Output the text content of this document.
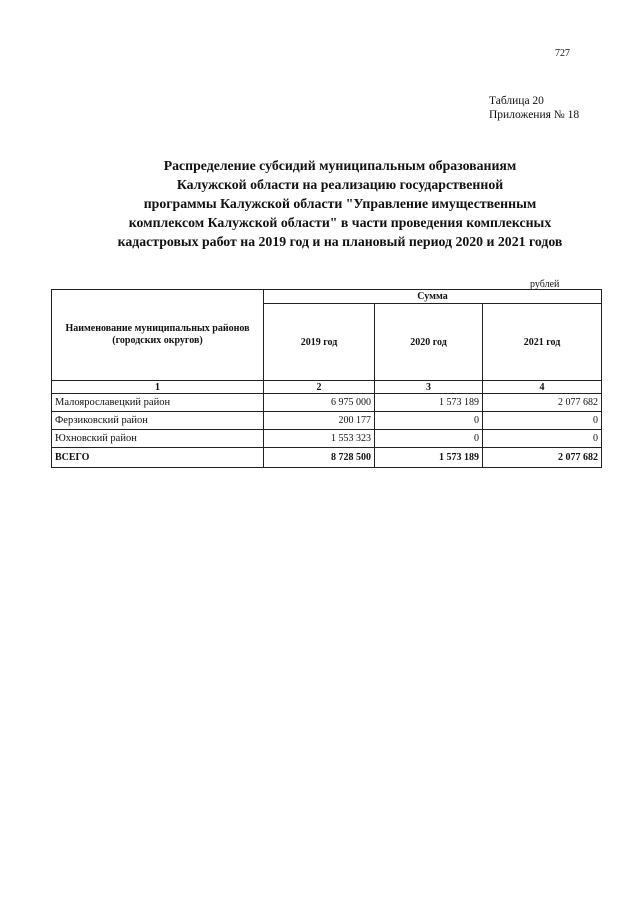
727
Таблица 20
Приложения № 18
Распределение субсидий муниципальным образованиям
Калужской области на реализацию государственной
программы Калужской области "Управление имущественным
комплексом Калужской области" в части проведения комплексных
кадастровых работ на 2019 год и на плановый период 2020 и 2021 годов
рублей
Наименование муниципальных районов (городских округов)	Сумма		
	2019 год	2020 год	2021 год
1	2	3	4
Малоярославецкий район	6 975 000	1 573 189	2 077 682
Ферзиковский район	200 177	0	0
Юхновский район	1 553 323	0	0
ВСЕГО	8 728 500	1 573 189	2 077 682
